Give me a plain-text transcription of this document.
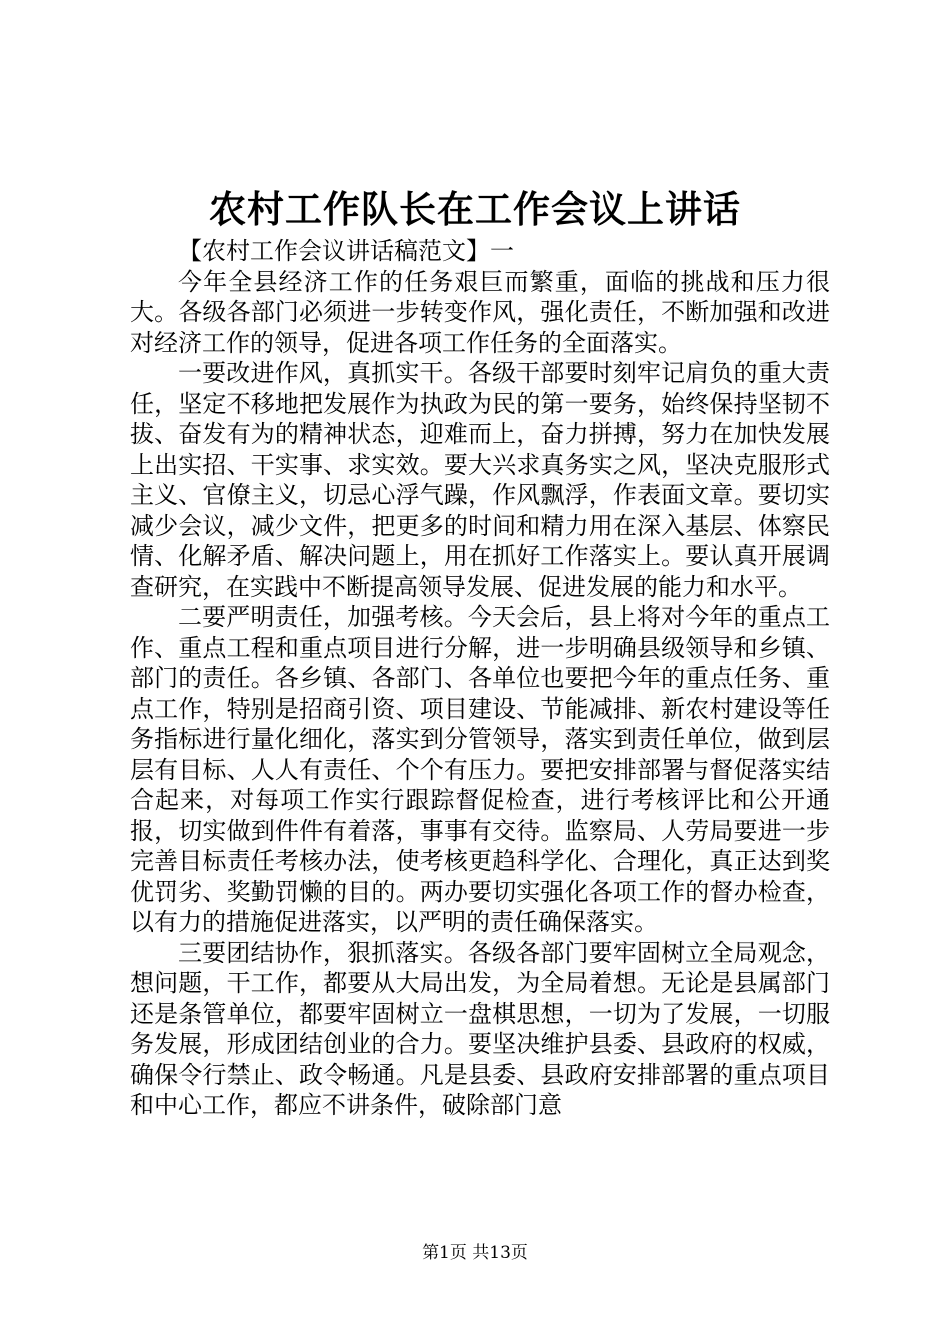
农村工作队长在工作会议上讲话

【农村工作会议讲话稿范文】一

今年全县经济工作的任务艰巨而繁重，面临的挑战和压力很大。各级各部门必须进一步转变作风，强化责任，不断加强和改进对经济工作的领导，促进各项工作任务的全面落实。

一要改进作风，真抓实干。各级干部要时刻牢记肩负的重大责任，坚定不移地把发展作为执政为民的第一要务，始终保持坚韧不拔、奋发有为的精神状态，迎难而上，奋力拼搏，努力在加快发展上出实招、干实事、求实效。要大兴求真务实之风，坚决克服形式主义、官僚主义，切忌心浮气躁，作风飘浮，作表面文章。要切实减少会议，减少文件，把更多的时间和精力用在深入基层、体察民情、化解矛盾、解决问题上，用在抓好工作落实上。要认真开展调查研究，在实践中不断提高领导发展、促进发展的能力和水平。

二要严明责任，加强考核。今天会后，县上将对今年的重点工作、重点工程和重点项目进行分解，进一步明确县级领导和乡镇、部门的责任。各乡镇、各部门、各单位也要把今年的重点任务、重点工作，特别是招商引资、项目建设、节能减排、新农村建设等任务指标进行量化细化，落实到分管领导，落实到责任单位，做到层层有目标、人人有责任、个个有压力。要把安排部署与督促落实结合起来，对每项工作实行跟踪督促检查，进行考核评比和公开通报，切实做到件件有着落，事事有交待。监察局、人劳局要进一步完善目标责任考核办法，使考核更趋科学化、合理化，真正达到奖优罚劣、奖勤罚懒的目的。两办要切实强化各项工作的督办检查，以有力的措施促进落实，以严明的责任确保落实。

三要团结协作，狠抓落实。各级各部门要牢固树立全局观念，想问题，干工作，都要从大局出发，为全局着想。无论是县属部门还是条管单位，都要牢固树立一盘棋思想，一切为了发展，一切服务发展，形成团结创业的合力。要坚决维护县委、县政府的权威，确保令行禁止、政令畅通。凡是县委、县政府安排部署的重点项目和中心工作，都应不讲条件，破除部门意

第1页 共13页
